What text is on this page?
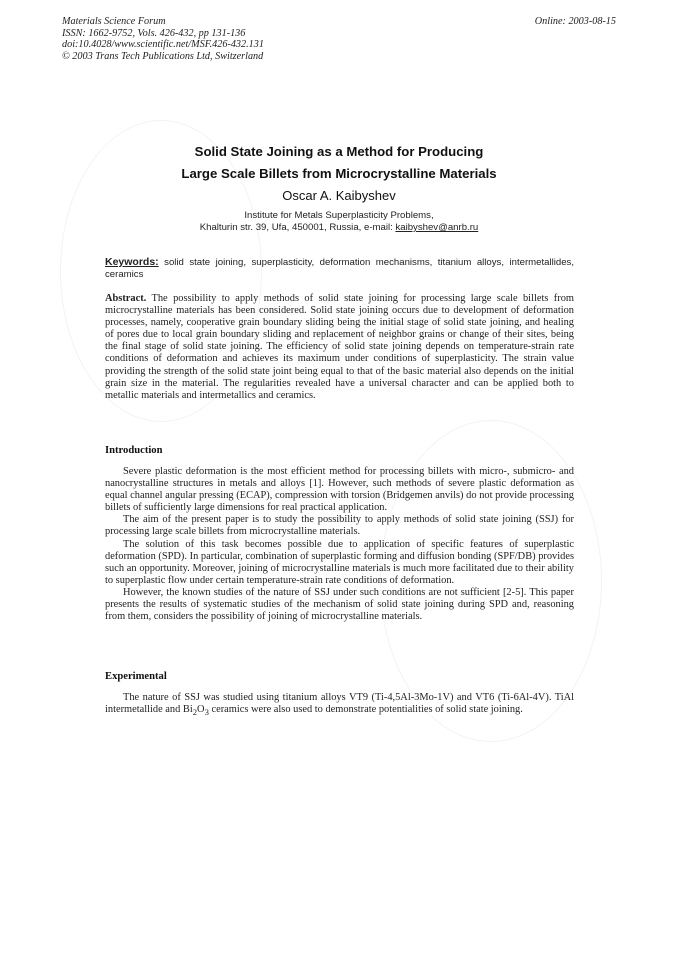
Materials Science Forum
ISSN: 1662-9752, Vols. 426-432, pp 131-136
doi:10.4028/www.scientific.net/MSF.426-432.131
© 2003 Trans Tech Publications Ltd, Switzerland
Online: 2003-08-15
Solid State Joining as a Method for Producing
Large Scale Billets from Microcrystalline Materials
Oscar A. Kaibyshev
Institute for Metals Superplasticity Problems,
Khalturin str. 39, Ufa, 450001, Russia, e-mail: kaibyshev@anrb.ru
Keywords: solid state joining, superplasticity, deformation mechanisms, titanium alloys, intermetallides, ceramics
Abstract. The possibility to apply methods of solid state joining for processing large scale billets from microcrystalline materials has been considered. Solid state joining occurs due to development of deformation processes, namely, cooperative grain boundary sliding being the initial stage of solid state joining, and healing of pores due to local grain boundary sliding and replacement of neighbor grains or change of their sites, being the final stage of solid state joining. The efficiency of solid state joining depends on temperature-strain rate conditions of deformation and achieves its maximum under conditions of superplasticity. The strain value providing the strength of the solid state joint being equal to that of the basic material also depends on the initial grain size in the material. The regularities revealed have a universal character and can be applied both to metallic materials and intermetallics and ceramics.
Introduction

Severe plastic deformation is the most efficient method for processing billets with micro-, submicro- and nanocrystalline structures in metals and alloys [1]. However, such methods of severe plastic deformation as equal channel angular pressing (ECAP), compression with torsion (Bridgemen anvils) do not provide processing billets of sufficiently large dimensions for real practical application.

The aim of the present paper is to study the possibility to apply methods of solid state joining (SSJ) for processing large scale billets from microcrystalline materials.

The solution of this task becomes possible due to application of specific features of superplastic deformation (SPD). In particular, combination of superplastic forming and diffusion bonding (SPF/DB) provides such an opportunity. Moreover, joining of microcrystalline materials is much more facilitated due to their ability to superplastic flow under certain temperature-strain rate conditions of deformation.

However, the known studies of the nature of SSJ under such conditions are not sufficient [2-5]. This paper presents the results of systematic studies of the mechanism of solid state joining during SPD and, reasoning from them, considers the possibility of joining of microcrystalline materials.

Experimental

The nature of SSJ was studied using titanium alloys VT9 (Ti-4,5Al-3Mo-1V) and VT6 (Ti-6Al-4V). TiAl intermetallide and $Bi_2O_3$ ceramics were also used to demonstrate potentialities of solid state joining.
